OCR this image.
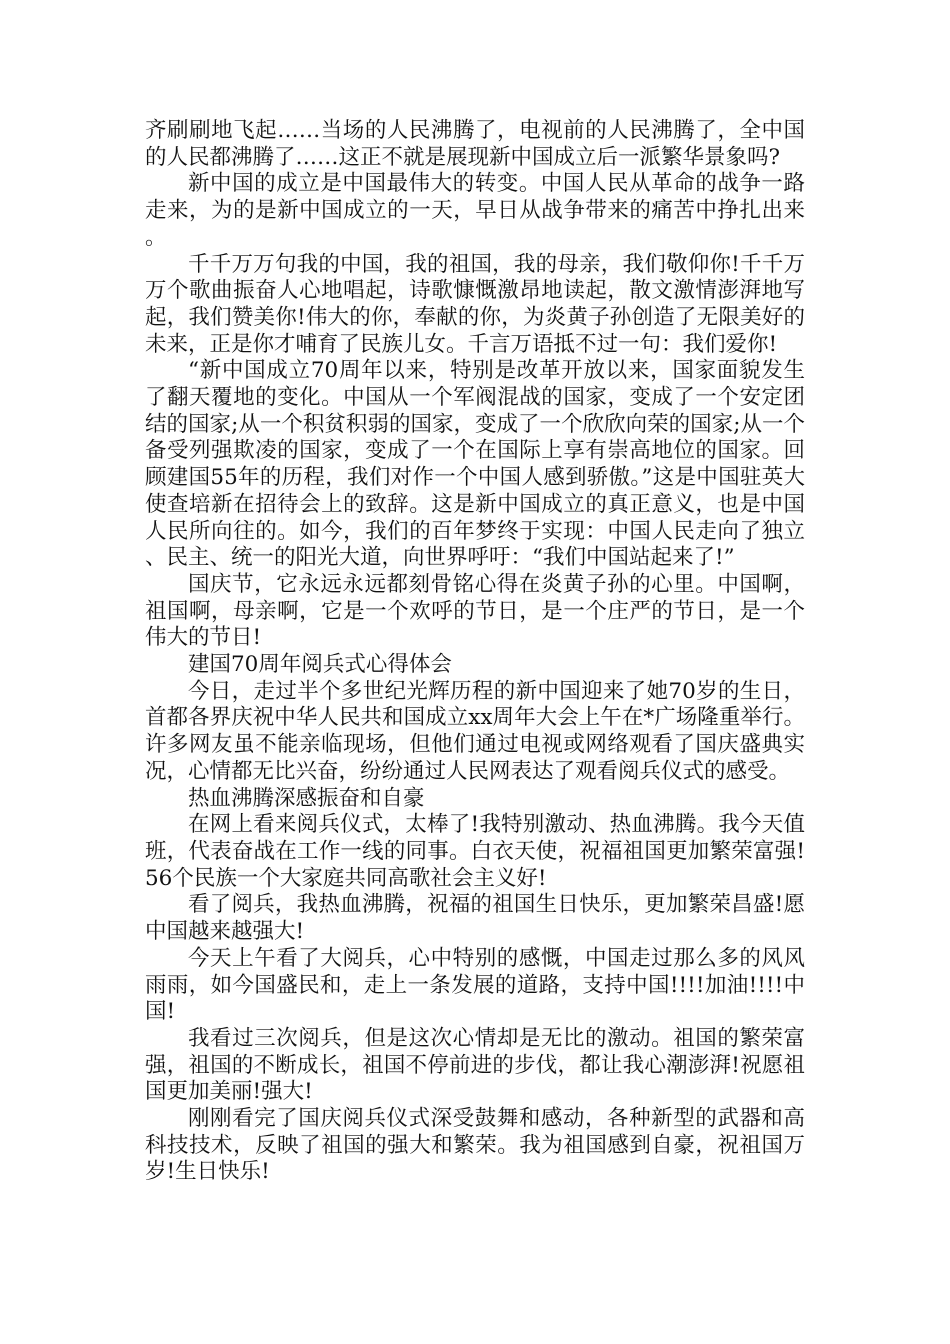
齐刷刷地飞起……当场的人民沸腾了，电视前的人民沸腾了，全中国的人民都沸腾了……这正不就是展现新中国成立后一派繁华景象吗?

新中国的成立是中国最伟大的转变。中国人民从革命的战争一路走来，为的是新中国成立的一天，早日从战争带来的痛苦中挣扎出来。

千千万万句我的中国，我的祖国，我的母亲，我们敬仰你!千千万万个歌曲振奋人心地唱起，诗歌慷慨激昂地读起，散文激情澎湃地写起，我们赞美你!伟大的你，奉献的你，为炎黄子孙创造了无限美好的未来，正是你才哺育了民族儿女。千言万语抵不过一句：我们爱你!

“新中国成立70周年以来，特别是改革开放以来，国家面貌发生了翻天覆地的变化。中国从一个军阀混战的国家，变成了一个安定团结的国家;从一个积贫积弱的国家，变成了一个欣欣向荣的国家;从一个备受列强欺凌的国家，变成了一个在国际上享有崇高地位的国家。回顾建国55年的历程，我们对作一个中国人感到骄傲。”这是中国驻英大使查培新在招待会上的致辞。这是新中国成立的真正意义，也是中国人民所向往的。如今，我们的百年梦终于实现：中国人民走向了独立、民主、统一的阳光大道，向世界呼吁：“我们中国站起来了!”

国庆节，它永远永远都刻骨铭心得在炎黄子孙的心里。中国啊，祖国啊，母亲啊，它是一个欢呼的节日，是一个庄严的节日，是一个伟大的节日!

建国70周年阅兵式心得体会

今日，走过半个多世纪光辉历程的新中国迎来了她70岁的生日，首都各界庆祝中华人民共和国成立xx周年大会上午在*广场隆重举行。许多网友虽不能亲临现场，但他们通过电视或网络观看了国庆盛典实况，心情都无比兴奋，纷纷通过人民网表达了观看阅兵仪式的感受。

热血沸腾深感振奋和自豪

在网上看来阅兵仪式，太棒了!我特别激动、热血沸腾。我今天值班，代表奋战在工作一线的同事。白衣天使，祝福祖国更加繁荣富强!56个民族一个大家庭共同高歌社会主义好!

看了阅兵，我热血沸腾，祝福的祖国生日快乐，更加繁荣昌盛!愿中国越来越强大!

今天上午看了大阅兵，心中特别的感慨，中国走过那么多的风风雨雨，如今国盛民和，走上一条发展的道路，支持中国!!!!加油!!!!中国!

我看过三次阅兵，但是这次心情却是无比的激动。祖国的繁荣富强，祖国的不断成长，祖国不停前进的步伐，都让我心潮澎湃!祝愿祖国更加美丽!强大!

刚刚看完了国庆阅兵仪式深受鼓舞和感动，各种新型的武器和高科技技术，反映了祖国的强大和繁荣。我为祖国感到自豪，祝祖国万岁!生日快乐!
